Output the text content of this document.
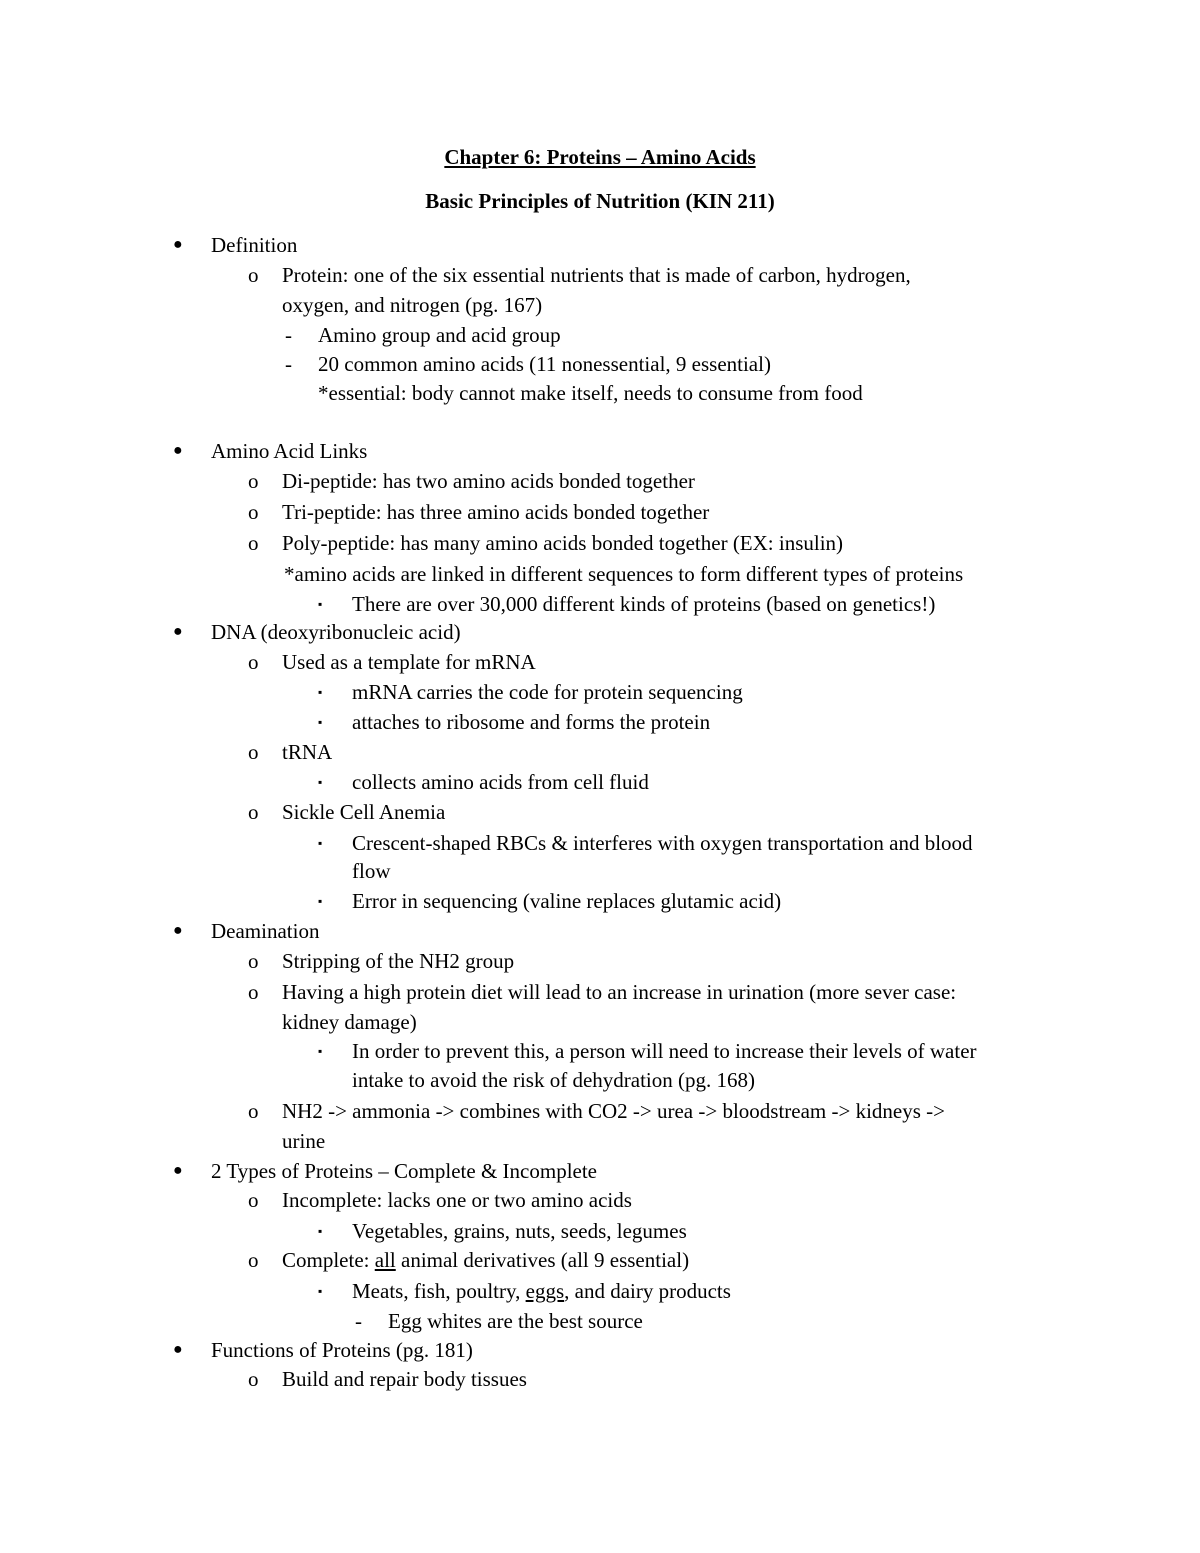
Chapter 6: Proteins – Amino Acids
Basic Principles of Nutrition (KIN 211)
● Definition
o Protein: one of the six essential nutrients that is made of carbon, hydrogen,
oxygen, and nitrogen (pg. 167)
- Amino group and acid group
- 20 common amino acids (11 nonessential, 9 essential)
*essential: body cannot make itself, needs to consume from food
● Amino Acid Links
o Di-peptide: has two amino acids bonded together
o Tri-peptide: has three amino acids bonded together
o Poly-peptide: has many amino acids bonded together (EX: insulin)
*amino acids are linked in different sequences to form different types of proteins
▪ There are over 30,000 different kinds of proteins (based on genetics!)
● DNA (deoxyribonucleic acid)
o Used as a template for mRNA
▪ mRNA carries the code for protein sequencing
▪ attaches to ribosome and forms the protein
o tRNA
▪ collects amino acids from cell fluid
o Sickle Cell Anemia
▪ Crescent-shaped RBCs & interferes with oxygen transportation and blood
flow
▪ Error in sequencing (valine replaces glutamic acid)
● Deamination
o Stripping of the NH2 group
o Having a high protein diet will lead to an increase in urination (more sever case:
kidney damage)
▪ In order to prevent this, a person will need to increase their levels of water
intake to avoid the risk of dehydration (pg. 168)
o NH2 -> ammonia -> combines with CO2 -> urea -> bloodstream -> kidneys ->
urine
● 2 Types of Proteins – Complete & Incomplete
o Incomplete: lacks one or two amino acids
▪ Vegetables, grains, nuts, seeds, legumes
o Complete: all animal derivatives (all 9 essential)
▪ Meats, fish, poultry, eggs, and dairy products
- Egg whites are the best source
● Functions of Proteins (pg. 181)
o Build and repair body tissues
